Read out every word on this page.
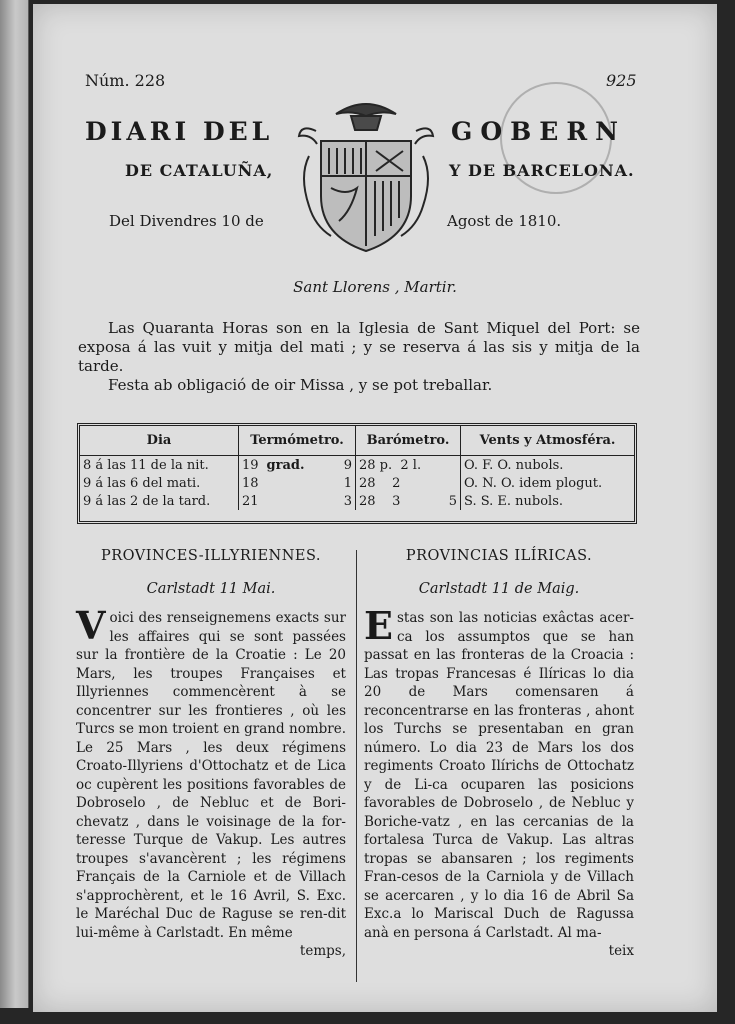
Núm. 228	925
DIARI DEL	GOBERN
DE CATALUÑA,	Y DE BARCELONA.
Del Divendres 10 de	Agost de 1810.
Sant Llorens , Martir.

Las Quaranta Horas son en la Iglesia de Sant Miquel del Port: se exposa á las vuit y mitja del mati ; y se reserva á las sis y mitja de la tarde.

Festa ab obligació de oir Missa , y se pot treballar.

Dia	Termómetro.	Barómetro.	Vents y Atmosféra.
8 á las 11 de la nit.	19 grad. 9	28 p. 2 l.	O. F. O. nubols.
9 á las 6 del mati.	18 1	28 2	O. N. O. idem plogut.
9 á las 2 de la tard.	21 3	28 3 5	S. S. E. nubols.

PROVINCES-ILLYRIENNES.

Carlstadt 11 Mai.

Voici des renseignemens exacts sur les affaires qui se sont passées sur la frontière de la Croatie : Le 20 Mars, les troupes Françaises et Illyriennes commencèrent à se concentrer sur les frontieres , où les Turcs se mon troient en grand nombre. Le 25 Mars , les deux régimens Croato-Illyriens d'Ottochatz et de Lica oc cupèrent les positions favorables de Dobroselo , de Nebluc et de Bori-chevatz , dans le voisinage de la for-teresse Turque de Vakup. Les autres troupes s'avancèrent ; les régimens Français de la Carniole et de Villach s'approchèrent, et le 16 Avril, S. Exc. le Maréchal Duc de Raguse se ren-dit lui-même à Carlstadt. En même

temps,

PROVINCIAS ILÍRICAS.

Carlstadt 11 de Maig.

Estas son las noticias exâctas acer-ca los assumptos que se han passat en las fronteras de la Croacia : Las tropas Francesas é Ilíricas lo dia 20 de Mars comensaren á reconcentrarse en las fronteras , ahont los Turchs se presentaban en gran número. Lo dia 23 de Mars los dos regiments Croato Ilírichs de Ottochatz y de Li-ca ocuparen las posicions favorables de Dobroselo , de Nebluc y Boriche-vatz , en las cercanias de la fortalesa Turca de Vakup. Las altras tropas se abansaren ; los regiments Fran-cesos de la Carniola y de Villach se acercaren , y lo dia 16 de Abril Sa Exc.a lo Mariscal Duch de Ragussa anà en persona á Carlstadt. Al ma-

teix
